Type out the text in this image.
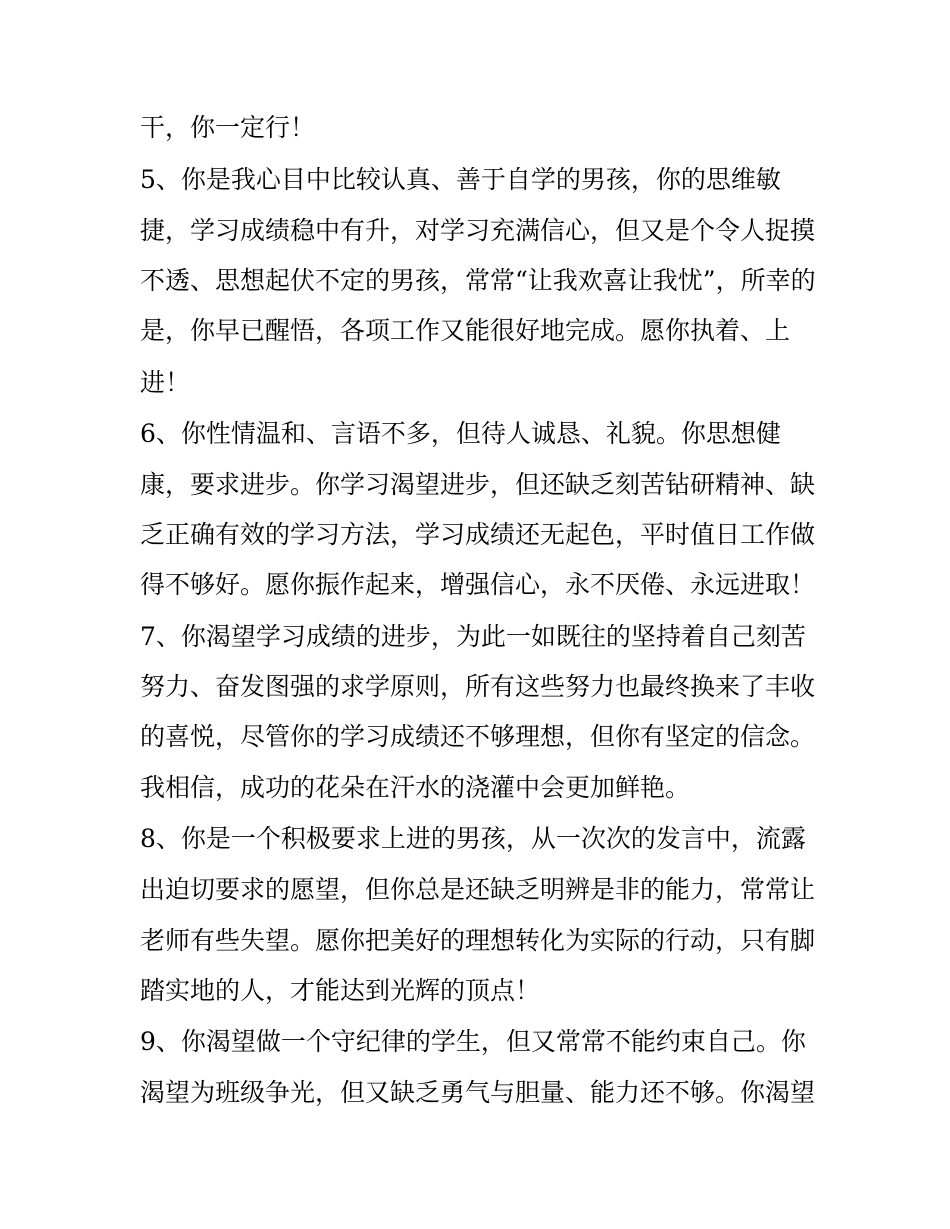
干，你一定行！
5、你是我心目中比较认真、善于自学的男孩，你的思维敏
捷，学习成绩稳中有升，对学习充满信心，但又是个令人捉摸
不透、思想起伏不定的男孩，常常“让我欢喜让我忧”，所幸的
是，你早已醒悟，各项工作又能很好地完成。愿你执着、上
进！
6、你性情温和、言语不多，但待人诚恳、礼貌。你思想健
康，要求进步。你学习渴望进步，但还缺乏刻苦钻研精神、缺
乏正确有效的学习方法，学习成绩还无起色，平时值日工作做
得不够好。愿你振作起来，增强信心，永不厌倦、永远进取！
7、你渴望学习成绩的进步，为此一如既往的坚持着自己刻苦
努力、奋发图强的求学原则，所有这些努力也最终换来了丰收
的喜悦，尽管你的学习成绩还不够理想，但你有坚定的信念。
我相信，成功的花朵在汗水的浇灌中会更加鲜艳。
8、你是一个积极要求上进的男孩，从一次次的发言中，流露
出迫切要求的愿望，但你总是还缺乏明辨是非的能力，常常让
老师有些失望。愿你把美好的理想转化为实际的行动，只有脚
踏实地的人，才能达到光辉的顶点！
9、你渴望做一个守纪律的学生，但又常常不能约束自己。你
渴望为班级争光，但又缺乏勇气与胆量、能力还不够。你渴望
